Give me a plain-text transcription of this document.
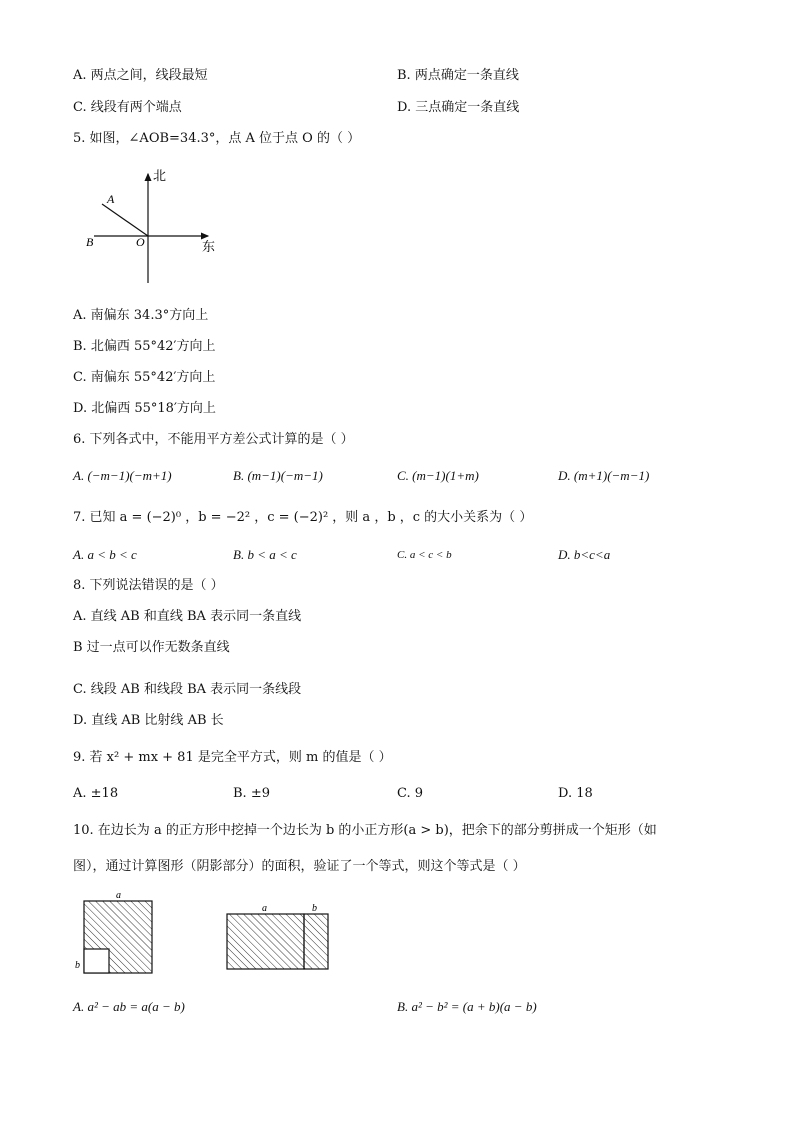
A. 两点之间，线段最短	B. 两点确定一条直线
C. 线段有两个端点	D. 三点确定一条直线
5. 如图，∠AOB=34.3°，点 A 位于点 O 的（ ）
北
东
A
B	O
A. 南偏东 34.3°方向上
B. 北偏西 55°42′方向上
C. 南偏东 55°42′方向上
D. 北偏西 55°18′方向上
6. 下列各式中，不能用平方差公式计算的是（ ）
A. (−m−1)(−m+1)	B. (m−1)(−m−1)	C. (m−1)(1+m)	D. (m+1)(−m−1)
7. 已知 a = (−2)⁰ ，b = −2² ，c = (−2)² ，则 a ，b ，c 的大小关系为（ ）
A. a < b < c	B. b < a < c	C. a < c < b	D. b<c<a
8. 下列说法错误的是（ ）
A. 直线 AB 和直线 BA 表示同一条直线
B 过一点可以作无数条直线
C. 线段 AB 和线段 BA 表示同一条线段
D. 直线 AB 比射线 AB 长
9. 若 x² + mx + 81 是完全平方式，则 m 的值是（ ）
A. ±18	B. ±9	C. 9	D. 18
10. 在边长为 a 的正方形中挖掉一个边长为 b 的小正方形(a > b)，把余下的部分剪拼成一个矩形（如
图），通过计算图形（阴影部分）的面积，验证了一个等式，则这个等式是（ ）
a
b
a	b
A. a² − ab = a(a − b)	B. a² − b² = (a + b)(a − b)
